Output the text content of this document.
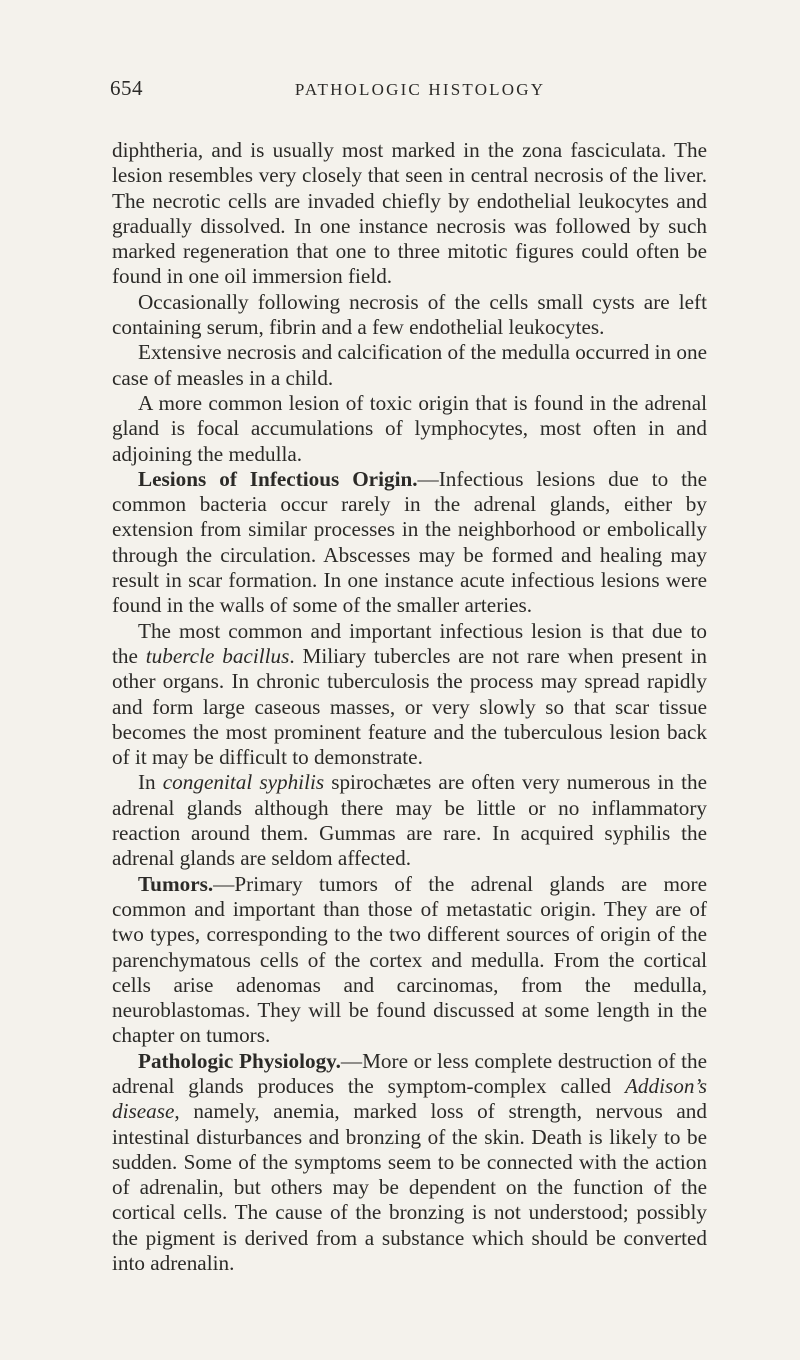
654	PATHOLOGIC HISTOLOGY

diphtheria, and is usually most marked in the zona fasciculata. The lesion resembles very closely that seen in central necrosis of the liver. The necrotic cells are invaded chiefly by endothelial leukocytes and gradually dissolved. In one instance necrosis was followed by such marked regeneration that one to three mitotic figures could often be found in one oil immersion field.

Occasionally following necrosis of the cells small cysts are left containing serum, fibrin and a few endothelial leukocytes.

Extensive necrosis and calcification of the medulla occurred in one case of measles in a child.

A more common lesion of toxic origin that is found in the adrenal gland is focal accumulations of lymphocytes, most often in and adjoining the medulla.

Lesions of Infectious Origin.—Infectious lesions due to the common bacteria occur rarely in the adrenal glands, either by extension from similar processes in the neighborhood or embolically through the circulation. Abscesses may be formed and healing may result in scar formation. In one instance acute infectious lesions were found in the walls of some of the smaller arteries.

The most common and important infectious lesion is that due to the tubercle bacillus. Miliary tubercles are not rare when present in other organs. In chronic tuberculosis the process may spread rapidly and form large caseous masses, or very slowly so that scar tissue becomes the most prominent feature and the tuberculous lesion back of it may be difficult to demonstrate.

In congenital syphilis spirochætes are often very numerous in the adrenal glands although there may be little or no inflammatory reaction around them. Gummas are rare. In acquired syphilis the adrenal glands are seldom affected.

Tumors.—Primary tumors of the adrenal glands are more common and important than those of metastatic origin. They are of two types, corresponding to the two different sources of origin of the parenchymatous cells of the cortex and medulla. From the cortical cells arise adenomas and carcinomas, from the medulla, neuroblastomas. They will be found discussed at some length in the chapter on tumors.

Pathologic Physiology.—More or less complete destruction of the adrenal glands produces the symptom-complex called Addison’s disease, namely, anemia, marked loss of strength, nervous and intestinal disturbances and bronzing of the skin. Death is likely to be sudden. Some of the symptoms seem to be connected with the action of adrenalin, but others may be dependent on the function of the cortical cells. The cause of the bronzing is not understood; possibly the pigment is derived from a substance which should be converted into adrenalin.
